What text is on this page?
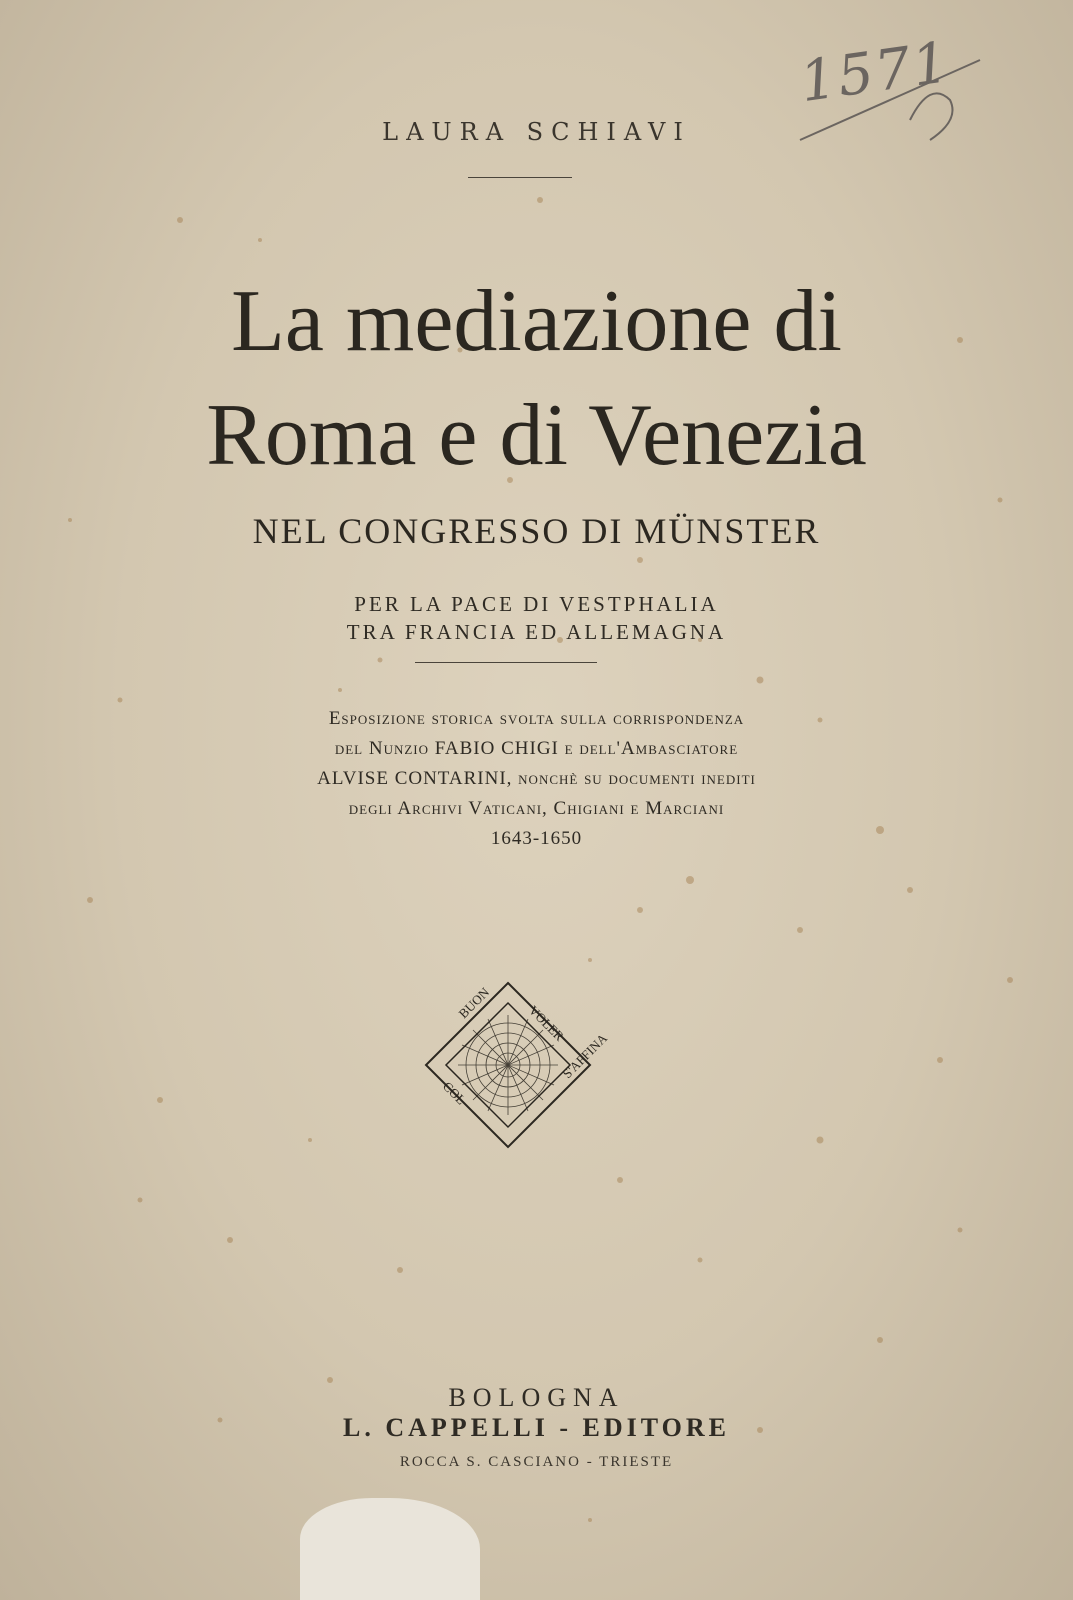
1571
LAURA SCHIAVI
La mediazione di
Roma e di Venezia
NEL CONGRESSO DI MÜNSTER
PER LA PACE DI VESTPHALIA
TRA FRANCIA ED ALLEMAGNA
Esposizione storica svolta sulla corrispondenza
del Nunzio FABIO CHIGI e dell'Ambasciatore
ALVISE CONTARINI, nonchè su documenti inediti
degli Archivi Vaticani, Chigiani e Marciani
1643-1650
BUON	VOLER
S'AFFINA
COL
BOLOGNA
L. CAPPELLI - EDITORE
ROCCA S. CASCIANO - TRIESTE
